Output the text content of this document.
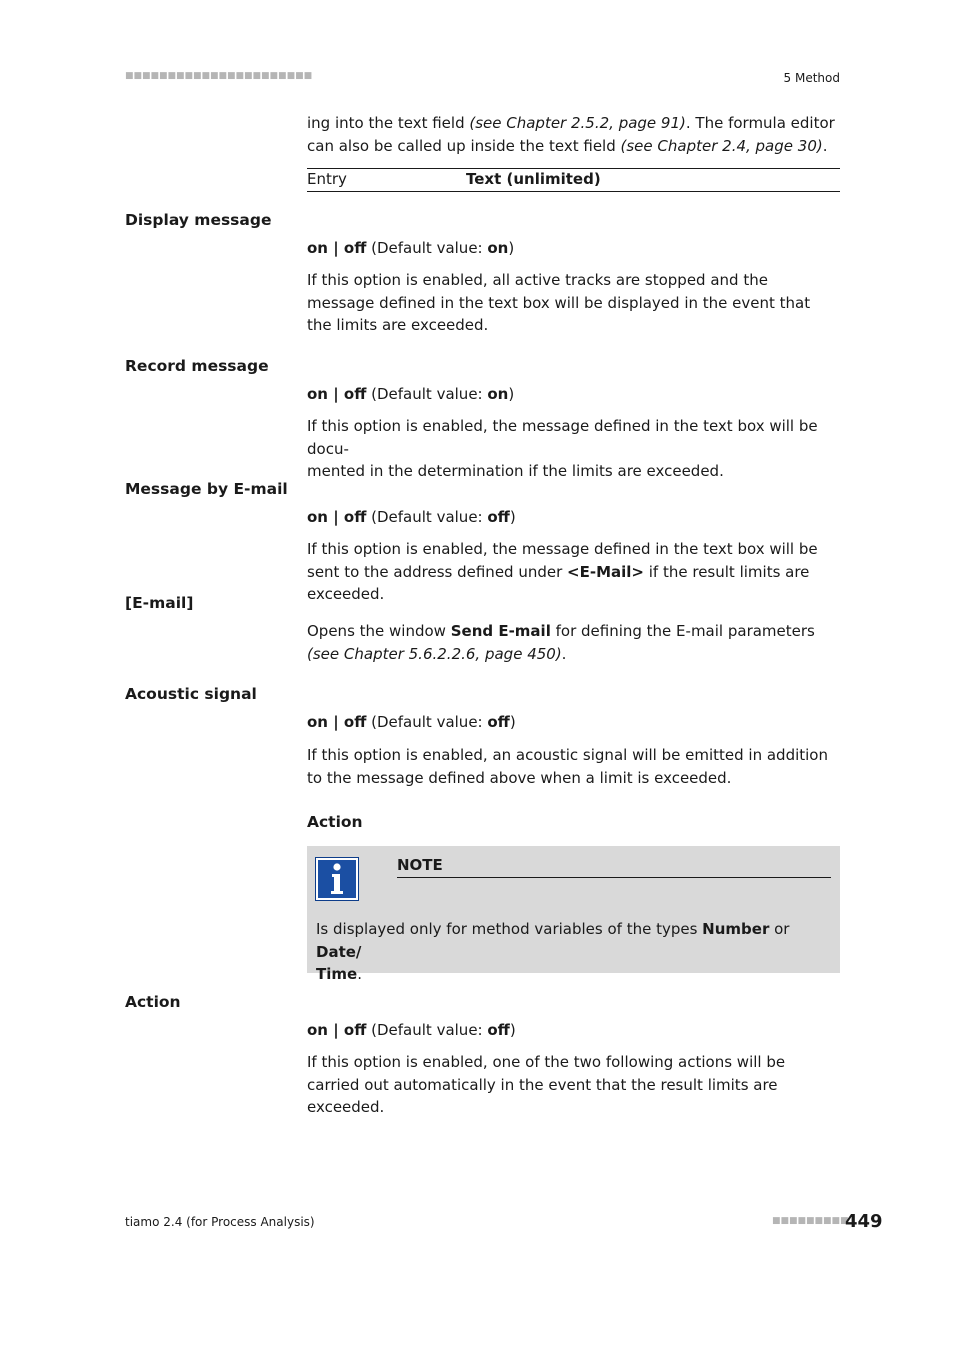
■■■■■■■■■■■■■■■■■■■■■■	5 Method

ing into the text field (see Chapter 2.5.2, page 91). The formula editor can also be called up inside the text field (see Chapter 2.4, page 30).

Entry	Text (unlimited)
Display message

on | off (Default value: on)

If this option is enabled, all active tracks are stopped and the message defined in the text box will be displayed in the event that the limits are exceeded.

Record message

on | off (Default value: on)

If this option is enabled, the message defined in the text box will be docu-
mented in the determination if the limits are exceeded.

Message by E-mail

on | off (Default value: off)

If this option is enabled, the message defined in the text box will be sent to the address defined under <E-Mail> if the result limits are exceeded.

[E-mail]

Opens the window Send E-mail for defining the E-mail parameters (see Chapter 5.6.2.2.6, page 450).

Acoustic signal

on | off (Default value: off)

If this option is enabled, an acoustic signal will be emitted in addition to the message defined above when a limit is exceeded.

Action
NOTE

Is displayed only for method variables of the types Number or Date/
Time.

Action

on | off (Default value: off)

If this option is enabled, one of the two following actions will be carried out automatically in the event that the result limits are exceeded.

tiamo 2.4 (for Process Analysis)	■■■■■■■■■
449
